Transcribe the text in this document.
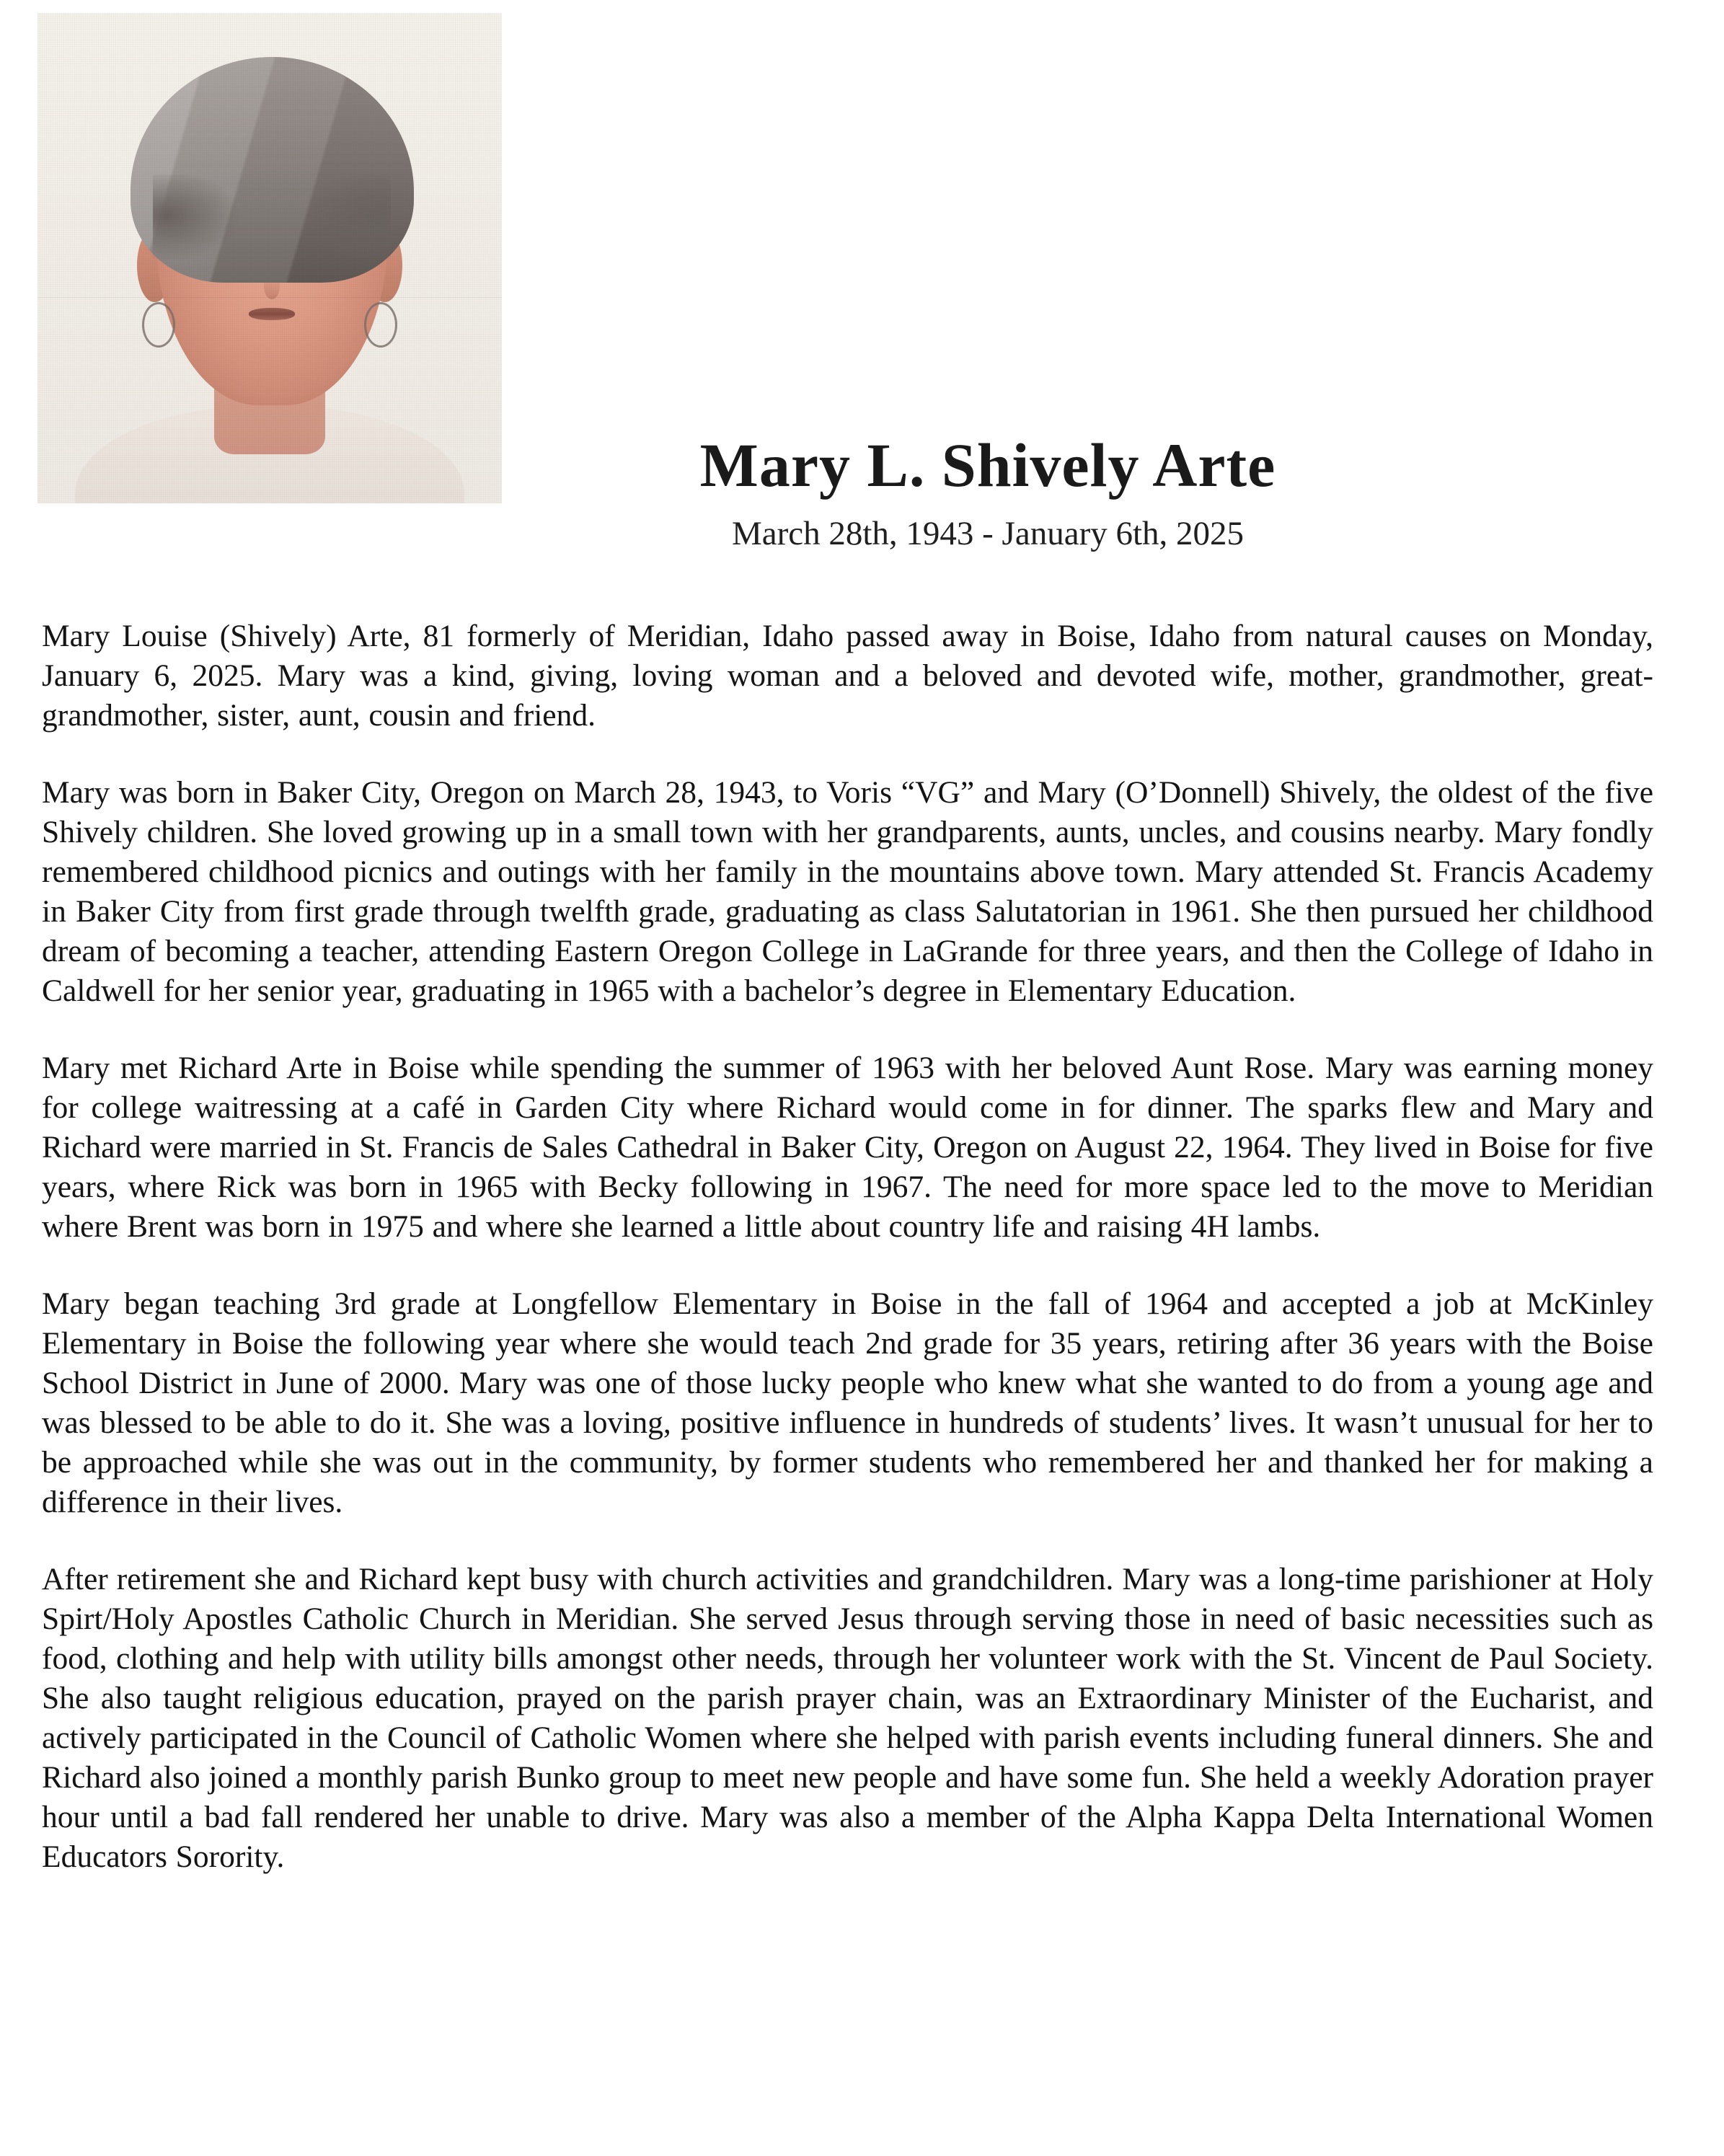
Mary L. Shively Arte

March 28th, 1943 - January 6th, 2025

Mary Louise (Shively) Arte, 81 formerly of Meridian, Idaho passed away in Boise, Idaho from natural causes on Monday, January 6, 2025. Mary was a kind, giving, loving woman and a beloved and devoted wife, mother, grandmother, great-grandmother, sister, aunt, cousin and friend.

Mary was born in Baker City, Oregon on March 28, 1943, to Voris “VG” and Mary (O’Donnell) Shively, the oldest of the five Shively children. She loved growing up in a small town with her grandparents, aunts, uncles, and cousins nearby. Mary fondly remembered childhood picnics and outings with her family in the mountains above town. Mary attended St. Francis Academy in Baker City from first grade through twelfth grade, graduating as class Salutatorian in 1961. She then pursued her childhood dream of becoming a teacher, attending Eastern Oregon College in LaGrande for three years, and then the College of Idaho in Caldwell for her senior year, graduating in 1965 with a bachelor’s degree in Elementary Education.

Mary met Richard Arte in Boise while spending the summer of 1963 with her beloved Aunt Rose. Mary was earning money for college waitressing at a café in Garden City where Richard would come in for dinner. The sparks flew and Mary and Richard were married in St. Francis de Sales Cathedral in Baker City, Oregon on August 22, 1964. They lived in Boise for five years, where Rick was born in 1965 with Becky following in 1967. The need for more space led to the move to Meridian where Brent was born in 1975 and where she learned a little about country life and raising 4H lambs.

Mary began teaching 3rd grade at Longfellow Elementary in Boise in the fall of 1964 and accepted a job at McKinley Elementary in Boise the following year where she would teach 2nd grade for 35 years, retiring after 36 years with the Boise School District in June of 2000. Mary was one of those lucky people who knew what she wanted to do from a young age and was blessed to be able to do it. She was a loving, positive influence in hundreds of students’ lives. It wasn’t unusual for her to be approached while she was out in the community, by former students who remembered her and thanked her for making a difference in their lives.

After retirement she and Richard kept busy with church activities and grandchildren. Mary was a long-time parishioner at Holy Spirt/Holy Apostles Catholic Church in Meridian. She served Jesus through serving those in need of basic necessities such as food, clothing and help with utility bills amongst other needs, through her volunteer work with the St. Vincent de Paul Society. She also taught religious education, prayed on the parish prayer chain, was an Extraordinary Minister of the Eucharist, and actively participated in the Council of Catholic Women where she helped with parish events including funeral dinners. She and Richard also joined a monthly parish Bunko group to meet new people and have some fun. She held a weekly Adoration prayer hour until a bad fall rendered her unable to drive. Mary was also a member of the Alpha Kappa Delta International Women Educators Sorority.
